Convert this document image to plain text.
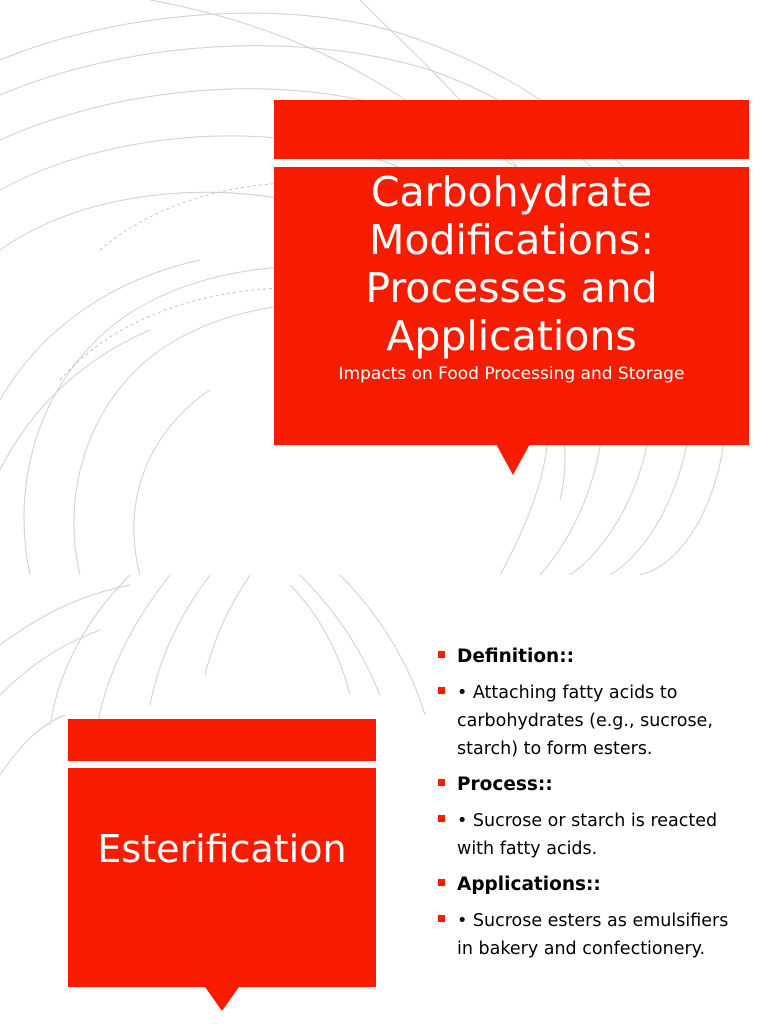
Carbohydrate
Modifications:
Processes and
Applications
Impacts on Food Processing and Storage
Esterification
Definition::
• Attaching fatty acids to carbohydrates (e.g., sucrose, starch) to form esters.
Process::
• Sucrose or starch is reacted with fatty acids.
Applications::
• Sucrose esters as emulsifiers in bakery and confectionery.
